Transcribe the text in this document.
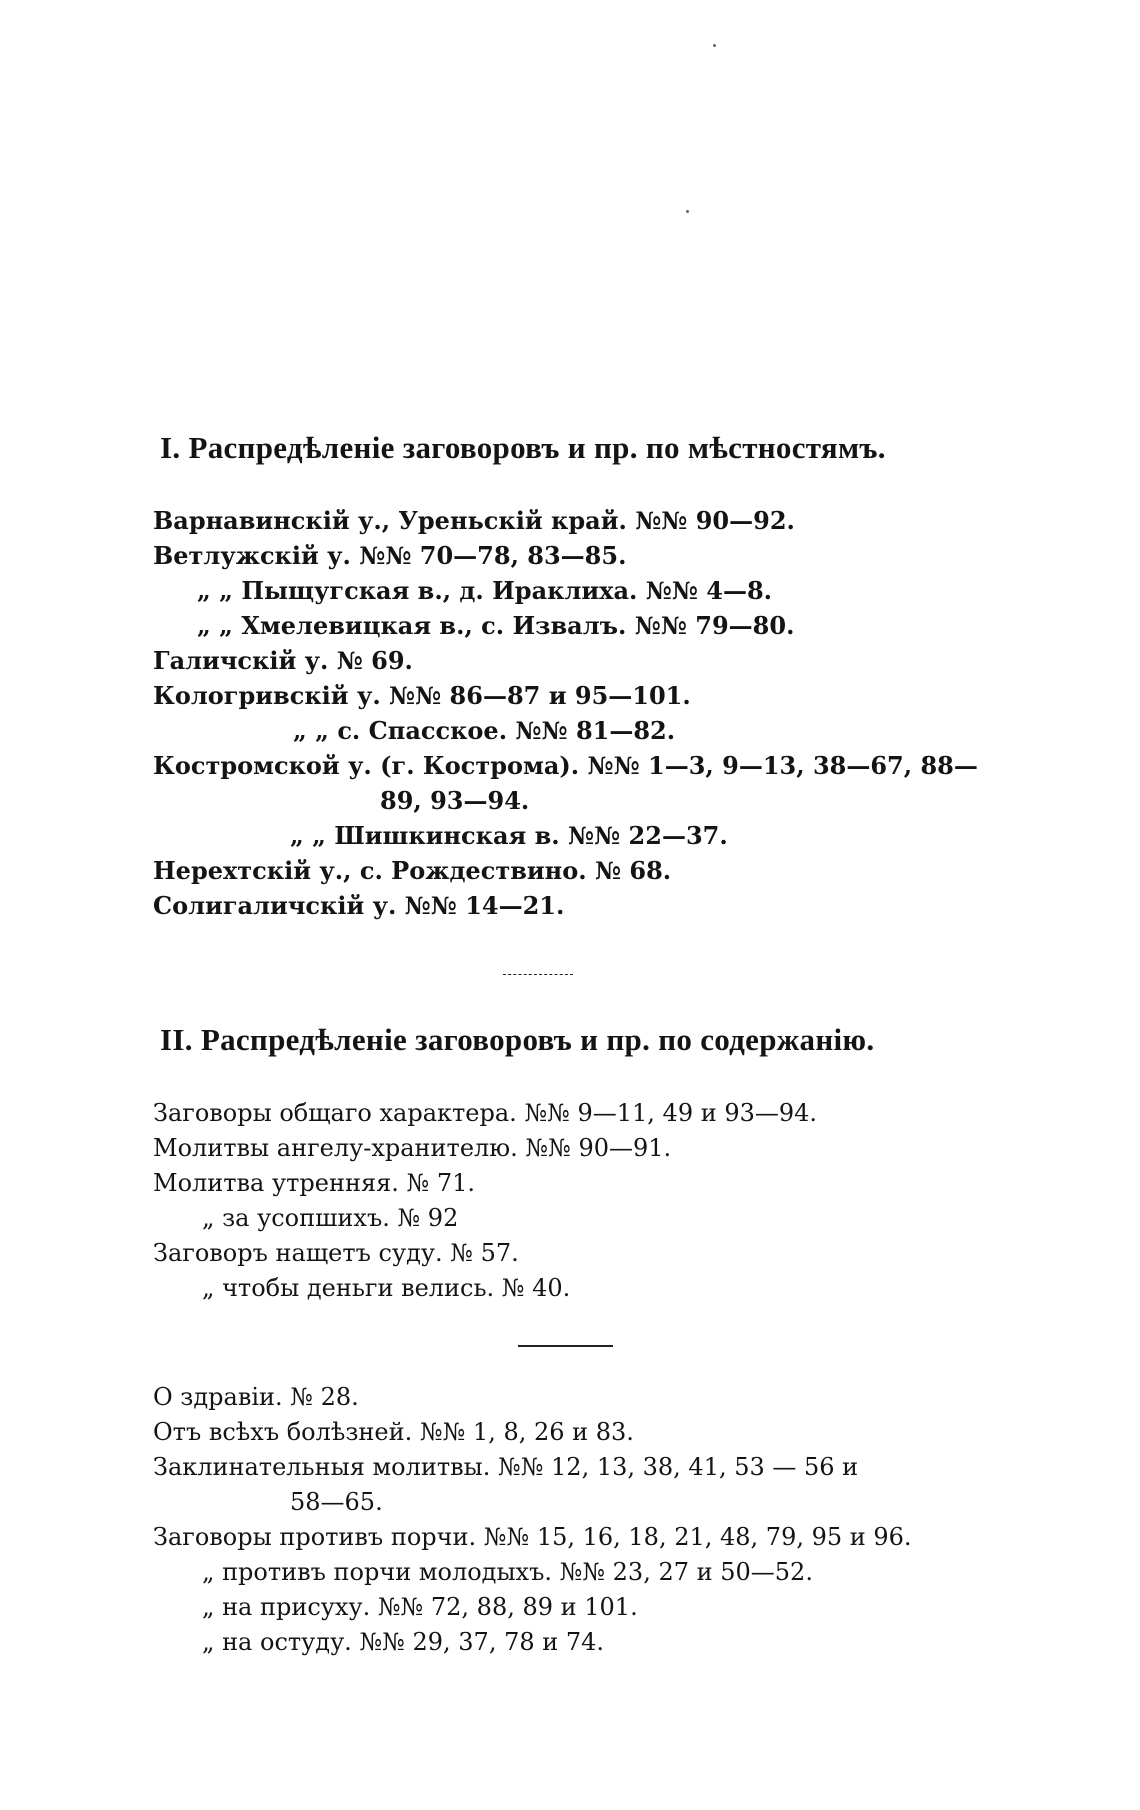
I. Распредѣленіе заговоровъ и пр. по мѣстностямъ.
Варнавинскій у., Уреньскій край. №№ 90—92.
Ветлужскій у. №№ 70—78, 83—85.
„ „ Пыщугская в., д. Ираклиха. №№ 4—8.
„ „ Хмелевицкая в., с. Извалъ. №№ 79—80.
Галичскій у. № 69.
Кологривскій у. №№ 86—87 и 95—101.
„ „ с. Спасское. №№ 81—82.
Костромской у. (г. Кострома). №№ 1—3, 9—13, 38—67, 88—
89, 93—94.
„ „ Шишкинская в. №№ 22—37.
Нерехтскій у., с. Рождествино. № 68.
Солигаличскій у. №№ 14—21.
II. Распредѣленіе заговоровъ и пр. по содержанію.
Заговоры общаго характера. №№ 9—11, 49 и 93—94.
Молитвы ангелу-хранителю. №№ 90—91.
Молитва утренняя. № 71.
„ за усопшихъ. № 92
Заговоръ нащетъ суду. № 57.
„ чтобы деньги велись. № 40.
О здравіи. № 28.
Отъ всѣхъ болѣзней. №№ 1, 8, 26 и 83.
Заклинательныя молитвы. №№ 12, 13, 38, 41, 53 — 56 и
58—65.
Заговоры противъ порчи. №№ 15, 16, 18, 21, 48, 79, 95 и 96.
„ противъ порчи молодыхъ. №№ 23, 27 и 50—52.
„ на присуху. №№ 72, 88, 89 и 101.
„ на остуду. №№ 29, 37, 78 и 74.
